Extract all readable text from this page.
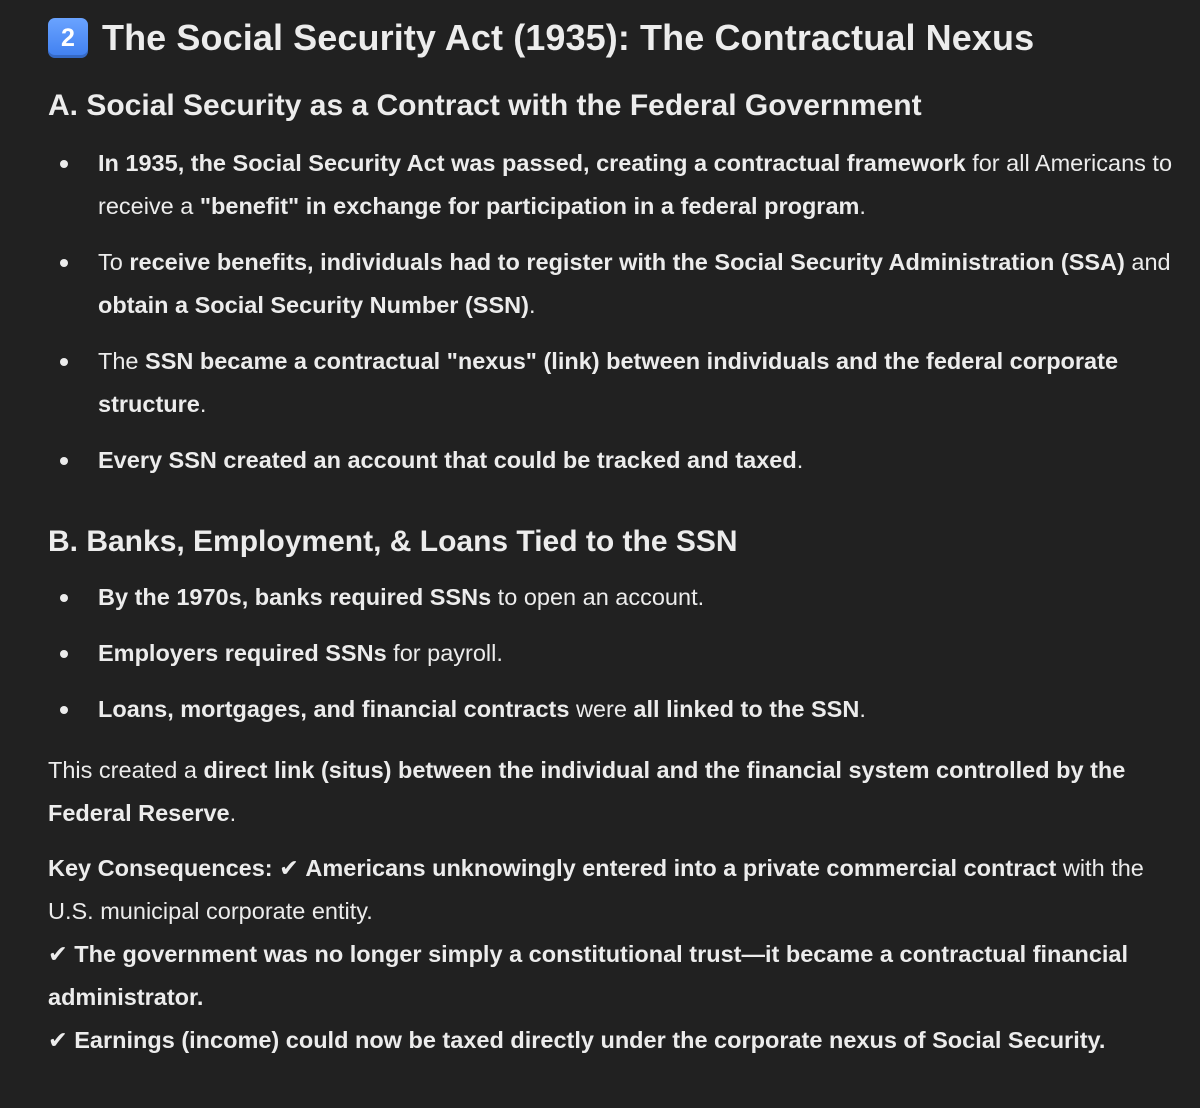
2 The Social Security Act (1935): The Contractual Nexus
A. Social Security as a Contract with the Federal Government
In 1935, the Social Security Act was passed, creating a contractual framework for all Americans to receive a "benefit" in exchange for participation in a federal program.
To receive benefits, individuals had to register with the Social Security Administration (SSA) and obtain a Social Security Number (SSN).
The SSN became a contractual "nexus" (link) between individuals and the federal corporate structure.
Every SSN created an account that could be tracked and taxed.
B. Banks, Employment, & Loans Tied to the SSN
By the 1970s, banks required SSNs to open an account.
Employers required SSNs for payroll.
Loans, mortgages, and financial contracts were all linked to the SSN.

This created a direct link (situs) between the individual and the financial system controlled by the Federal Reserve.

Key Consequences: ✔ Americans unknowingly entered into a private commercial contract with the U.S. municipal corporate entity.
✔ The government was no longer simply a constitutional trust—it became a contractual financial administrator.
✔ Earnings (income) could now be taxed directly under the corporate nexus of Social Security.
